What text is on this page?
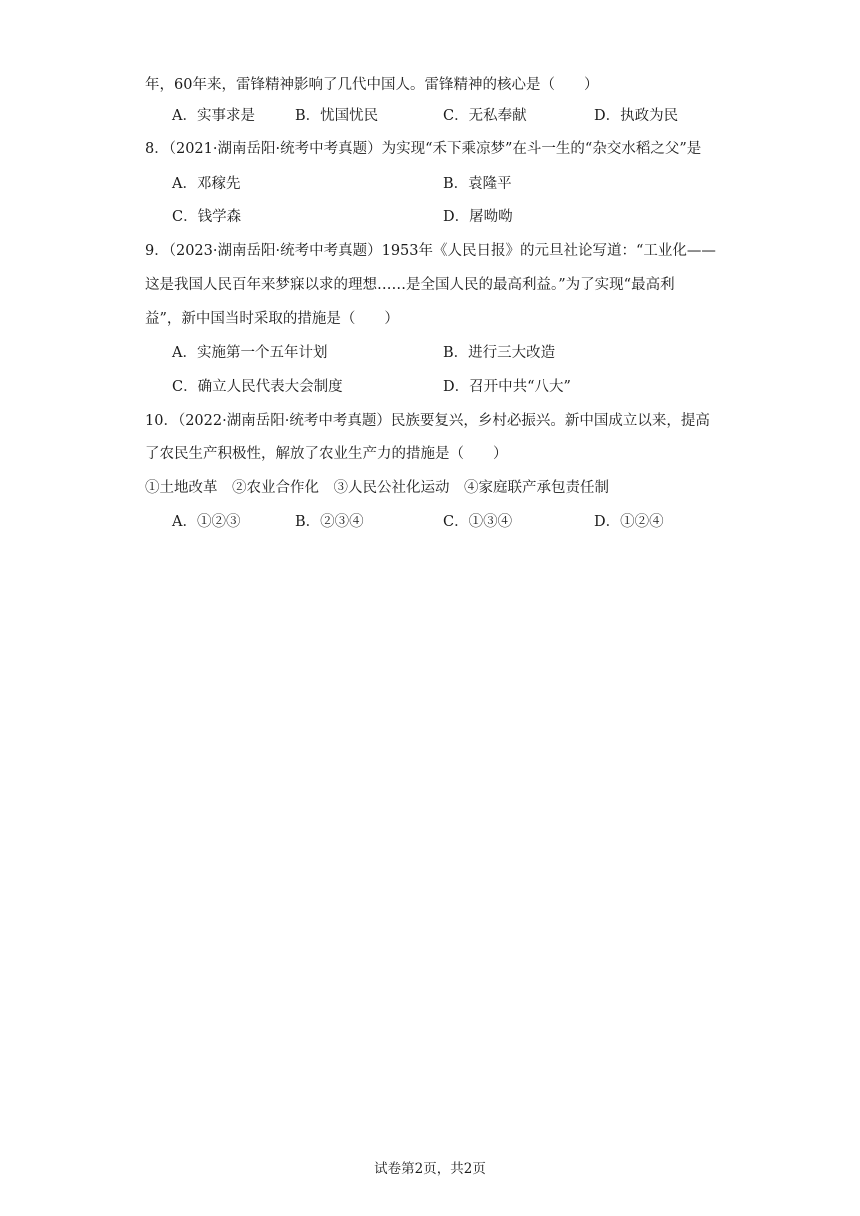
年，60年来，雷锋精神影响了几代中国人。雷锋精神的核心是（　　）
A．实事求是	B．忧国忧民	C．无私奉献	D．执政为民
8．（2021·湖南岳阳·统考中考真题）为实现“禾下乘凉梦”在斗一生的“杂交水稻之父”是
A．邓稼先	B．袁隆平
C．钱学森	D．屠呦呦
9．（2023·湖南岳阳·统考中考真题）1953年《人民日报》的元旦社论写道：“工业化——
这是我国人民百年来梦寐以求的理想……是全国人民的最高利益。”为了实现“最高利
益”，新中国当时采取的措施是（　　）
A．实施第一个五年计划	B．进行三大改造
C．确立人民代表大会制度	D．召开中共“八大”
10．（2022·湖南岳阳·统考中考真题）民族要复兴，乡村必振兴。新中国成立以来，提高
了农民生产积极性，解放了农业生产力的措施是（　　）
①土地改革　②农业合作化　③人民公社化运动　④家庭联产承包责任制
A．①②③	B．②③④	C．①③④	D．①②④
试卷第2页，共2页
